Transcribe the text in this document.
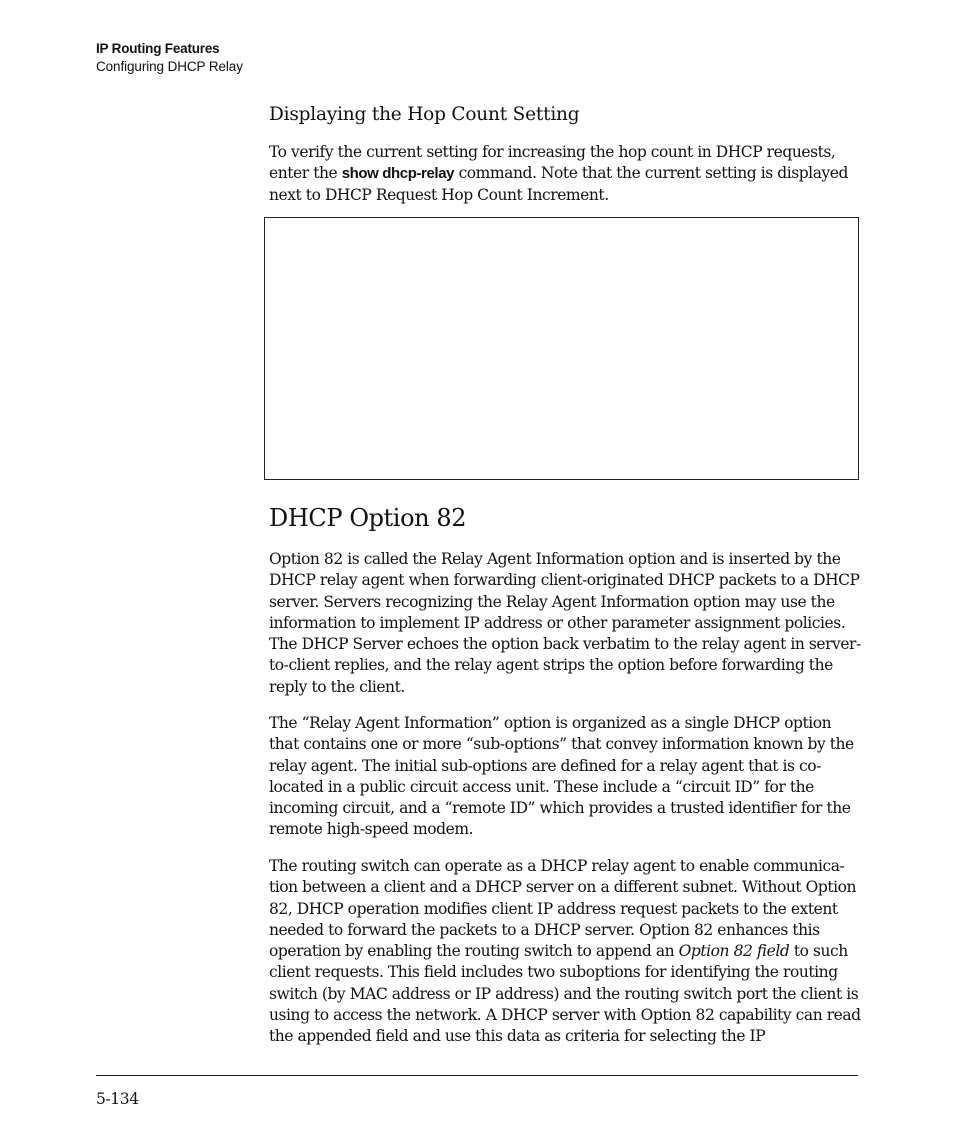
IP Routing Features
Configuring DHCP Relay
Displaying the Hop Count Setting

To verify the current setting for increasing the hop count in DHCP requests, enter the show dhcp-relay command. Note that the current setting is displayed next to DHCP Request Hop Count Increment.

DHCP Option 82

Option 82 is called the Relay Agent Information option and is inserted by the DHCP relay agent when forwarding client-originated DHCP packets to a DHCP server. Servers recognizing the Relay Agent Information option may use the information to implement IP address or other parameter assignment policies. The DHCP Server echoes the option back verbatim to the relay agent in server-to-client replies, and the relay agent strips the option before forwarding the reply to the client.

The “Relay Agent Information” option is organized as a single DHCP option that contains one or more “sub-options” that convey information known by the relay agent. The initial sub-options are defined for a relay agent that is co-located in a public circuit access unit. These include a “circuit ID” for the incoming circuit, and a “remote ID” which provides a trusted identifier for the remote high-speed modem.

The routing switch can operate as a DHCP relay agent to enable communica-tion between a client and a DHCP server on a different subnet. Without Option 82, DHCP operation modifies client IP address request packets to the extent needed to forward the packets to a DHCP server. Option 82 enhances this operation by enabling the routing switch to append an Option 82 field to such client requests. This field includes two suboptions for identifying the routing switch (by MAC address or IP address) and the routing switch port the client is using to access the network. A DHCP server with Option 82 capability can read the appended field and use this data as criteria for selecting the IP

5-134
